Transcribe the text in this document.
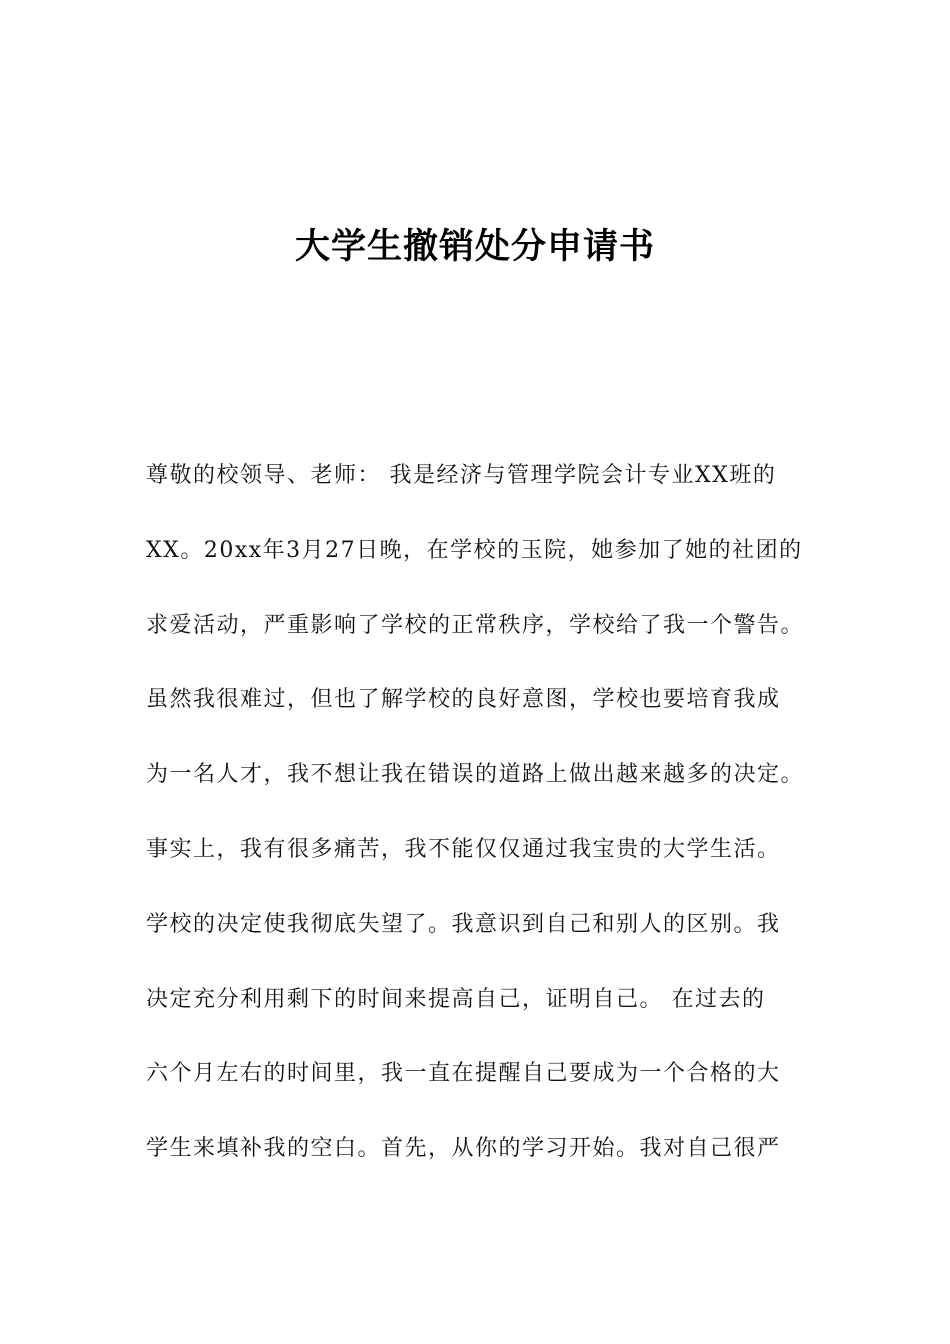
大学生撤销处分申请书
尊敬的校领导、老师： 我是经济与管理学院会计专业XX班的
XX。20xx年3月27日晚，在学校的玉院，她参加了她的社团的
求爱活动，严重影响了学校的正常秩序，学校给了我一个警告。
虽然我很难过，但也了解学校的良好意图，学校也要培育我成
为一名人才，我不想让我在错误的道路上做出越来越多的决定。
事实上，我有很多痛苦，我不能仅仅通过我宝贵的大学生活。
学校的决定使我彻底失望了。我意识到自己和别人的区别。我
决定充分利用剩下的时间来提高自己，证明自己。 在过去的
六个月左右的时间里，我一直在提醒自己要成为一个合格的大
学生来填补我的空白。首先，从你的学习开始。我对自己很严
